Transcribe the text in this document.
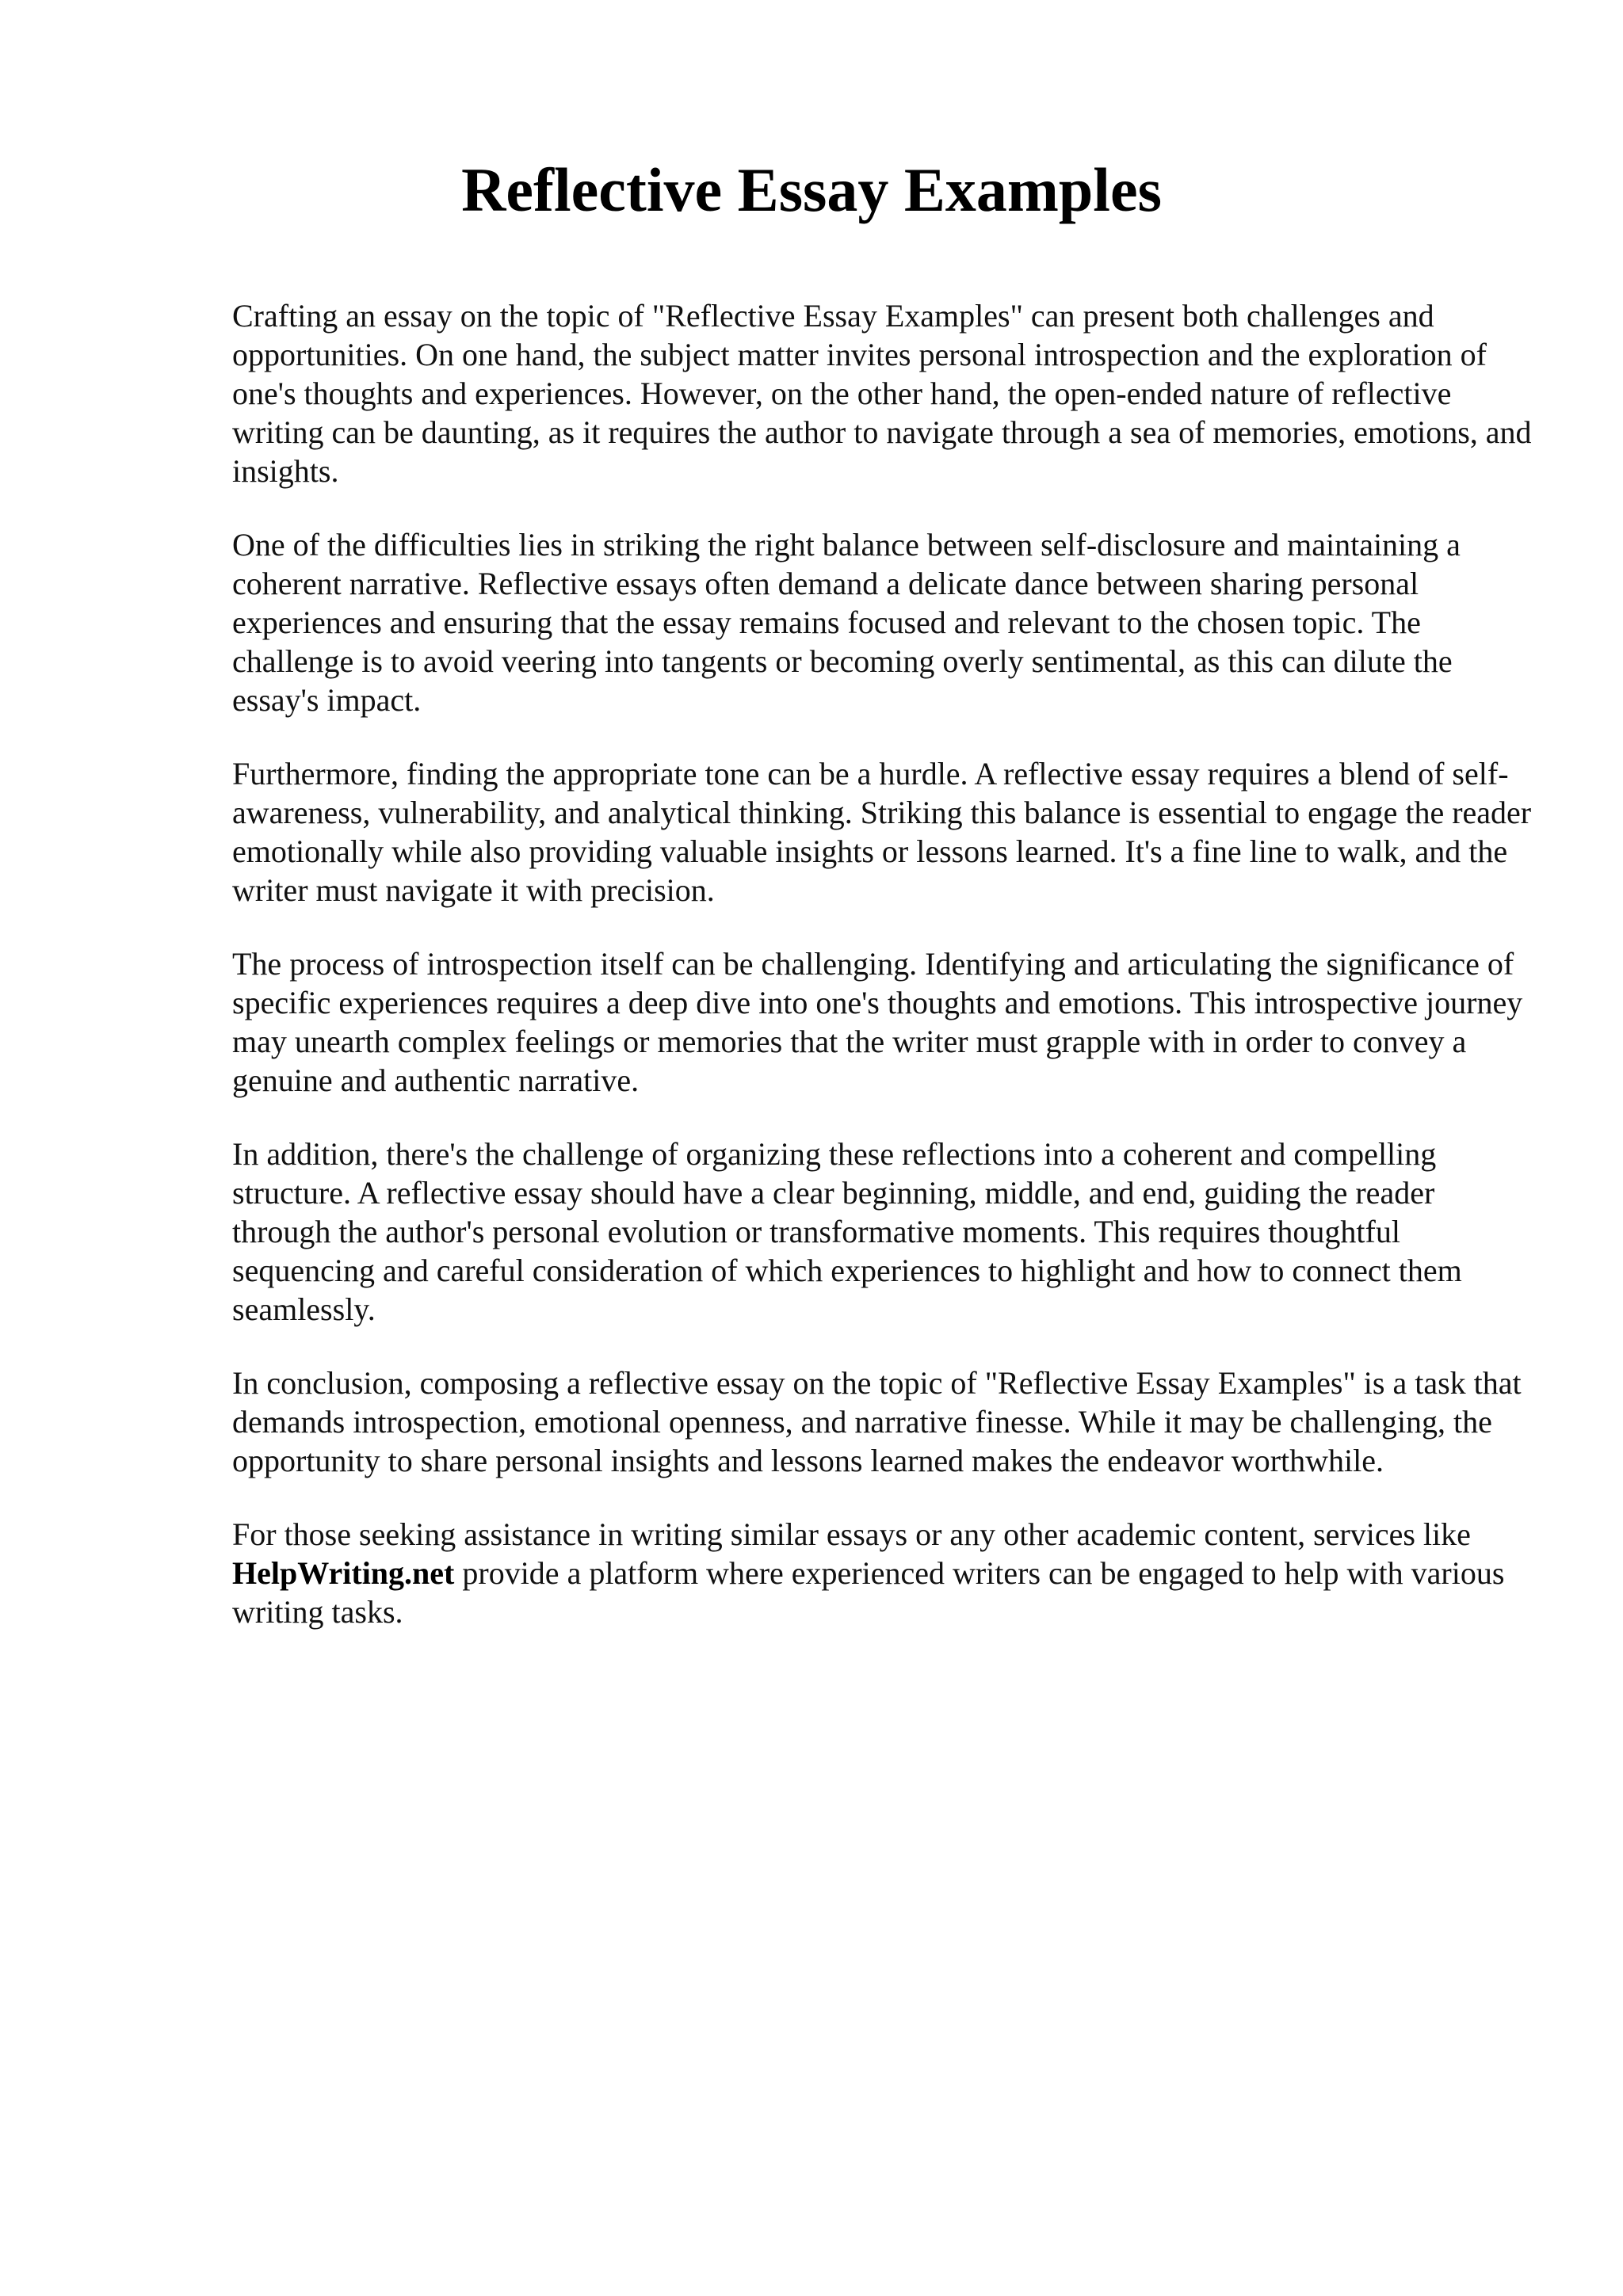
Reflective Essay Examples

Crafting an essay on the topic of "Reflective Essay Examples" can present both challenges and opportunities. On one hand, the subject matter invites personal introspection and the exploration of one's thoughts and experiences. However, on the other hand, the open-ended nature of reflective writing can be daunting, as it requires the author to navigate through a sea of memories, emotions, and insights.

One of the difficulties lies in striking the right balance between self-disclosure and maintaining a coherent narrative. Reflective essays often demand a delicate dance between sharing personal experiences and ensuring that the essay remains focused and relevant to the chosen topic. The challenge is to avoid veering into tangents or becoming overly sentimental, as this can dilute the essay's impact.

Furthermore, finding the appropriate tone can be a hurdle. A reflective essay requires a blend of self-awareness, vulnerability, and analytical thinking. Striking this balance is essential to engage the reader emotionally while also providing valuable insights or lessons learned. It's a fine line to walk, and the writer must navigate it with precision.

The process of introspection itself can be challenging. Identifying and articulating the significance of specific experiences requires a deep dive into one's thoughts and emotions. This introspective journey may unearth complex feelings or memories that the writer must grapple with in order to convey a genuine and authentic narrative.

In addition, there's the challenge of organizing these reflections into a coherent and compelling structure. A reflective essay should have a clear beginning, middle, and end, guiding the reader through the author's personal evolution or transformative moments. This requires thoughtful sequencing and careful consideration of which experiences to highlight and how to connect them seamlessly.

In conclusion, composing a reflective essay on the topic of "Reflective Essay Examples" is a task that demands introspection, emotional openness, and narrative finesse. While it may be challenging, the opportunity to share personal insights and lessons learned makes the endeavor worthwhile.

For those seeking assistance in writing similar essays or any other academic content, services like HelpWriting.net provide a platform where experienced writers can be engaged to help with various writing tasks.
